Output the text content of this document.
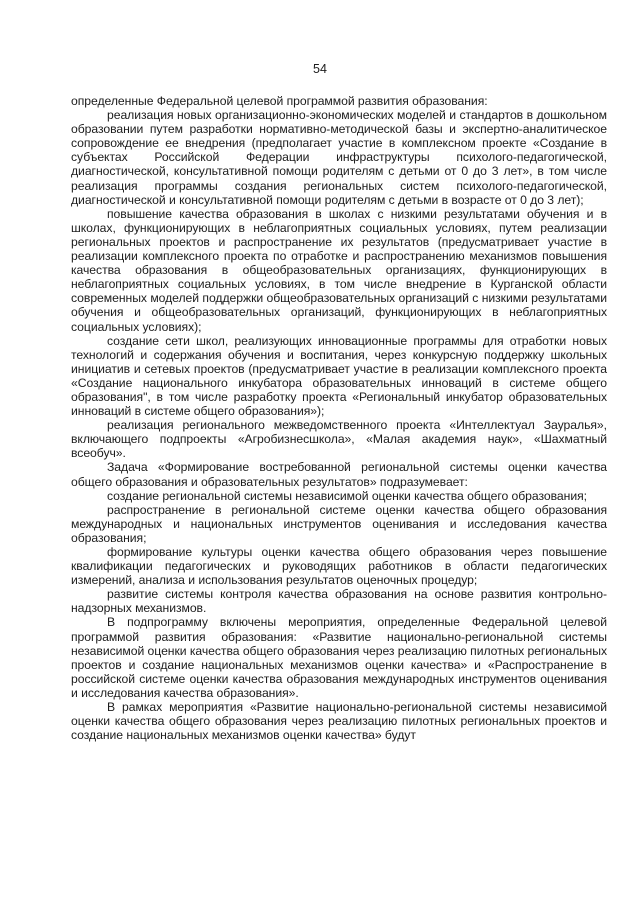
54

определенные Федеральной целевой программой развития образования:

реализация новых организационно-экономических моделей и стандартов в дошкольном образовании путем разработки нормативно-методической базы и экспертно-аналитическое сопровождение ее внедрения (предполагает участие в комплексном проекте «Создание в субъектах Российской Федерации инфраструктуры психолого-педагогической, диагностической, консультативной помощи родителям с детьми от 0 до 3 лет», в том числе реализация программы создания региональных систем психолого-педагогической, диагностической и консультативной помощи родителям с детьми в возрасте от 0 до 3 лет);

повышение качества образования в школах с низкими результатами обучения и в школах, функционирующих в неблагоприятных социальных условиях, путем реализации региональных проектов и распространение их результатов (предусматривает участие в реализации комплексного проекта по отработке и распространению механизмов повышения качества образования в общеобразовательных организациях, функционирующих в неблагоприятных социальных условиях, в том числе внедрение в Курганской области современных моделей поддержки общеобразовательных организаций с низкими результатами обучения и общеобразовательных организаций, функционирующих в неблагоприятных социальных условиях);

создание сети школ, реализующих инновационные программы для отработки новых технологий и содержания обучения и воспитания, через конкурсную поддержку школьных инициатив и сетевых проектов (предусматривает участие в реализации комплексного проекта «Создание национального инкубатора образовательных инноваций в системе общего образования", в том числе разработку проекта «Региональный инкубатор образовательных инноваций в системе общего образования»);

реализация регионального межведомственного проекта «Интеллектуал Зауралья», включающего подпроекты «Агробизнесшкола», «Малая академия наук», «Шахматный всеобуч».

Задача «Формирование востребованной региональной системы оценки качества общего образования и образовательных результатов» подразумевает:

создание региональной системы независимой оценки качества общего образования;

распространение в региональной системе оценки качества общего образования международных и национальных инструментов оценивания и исследования качества образования;

формирование культуры оценки качества общего образования через повышение квалификации педагогических и руководящих работников в области педагогических измерений, анализа и использования результатов оценочных процедур;

развитие системы контроля качества образования на основе развития контрольно-надзорных механизмов.

В подпрограмму включены мероприятия, определенные Федеральной целевой программой развития образования: «Развитие национально-региональной системы независимой оценки качества общего образования через реализацию пилотных региональных проектов и создание национальных механизмов оценки качества» и «Распространение в российской системе оценки качества образования международных инструментов оценивания и исследования качества образования».

В рамках мероприятия «Развитие национально-региональной системы независимой оценки качества общего образования через реализацию пилотных региональных проектов и создание национальных механизмов оценки качества» будут
